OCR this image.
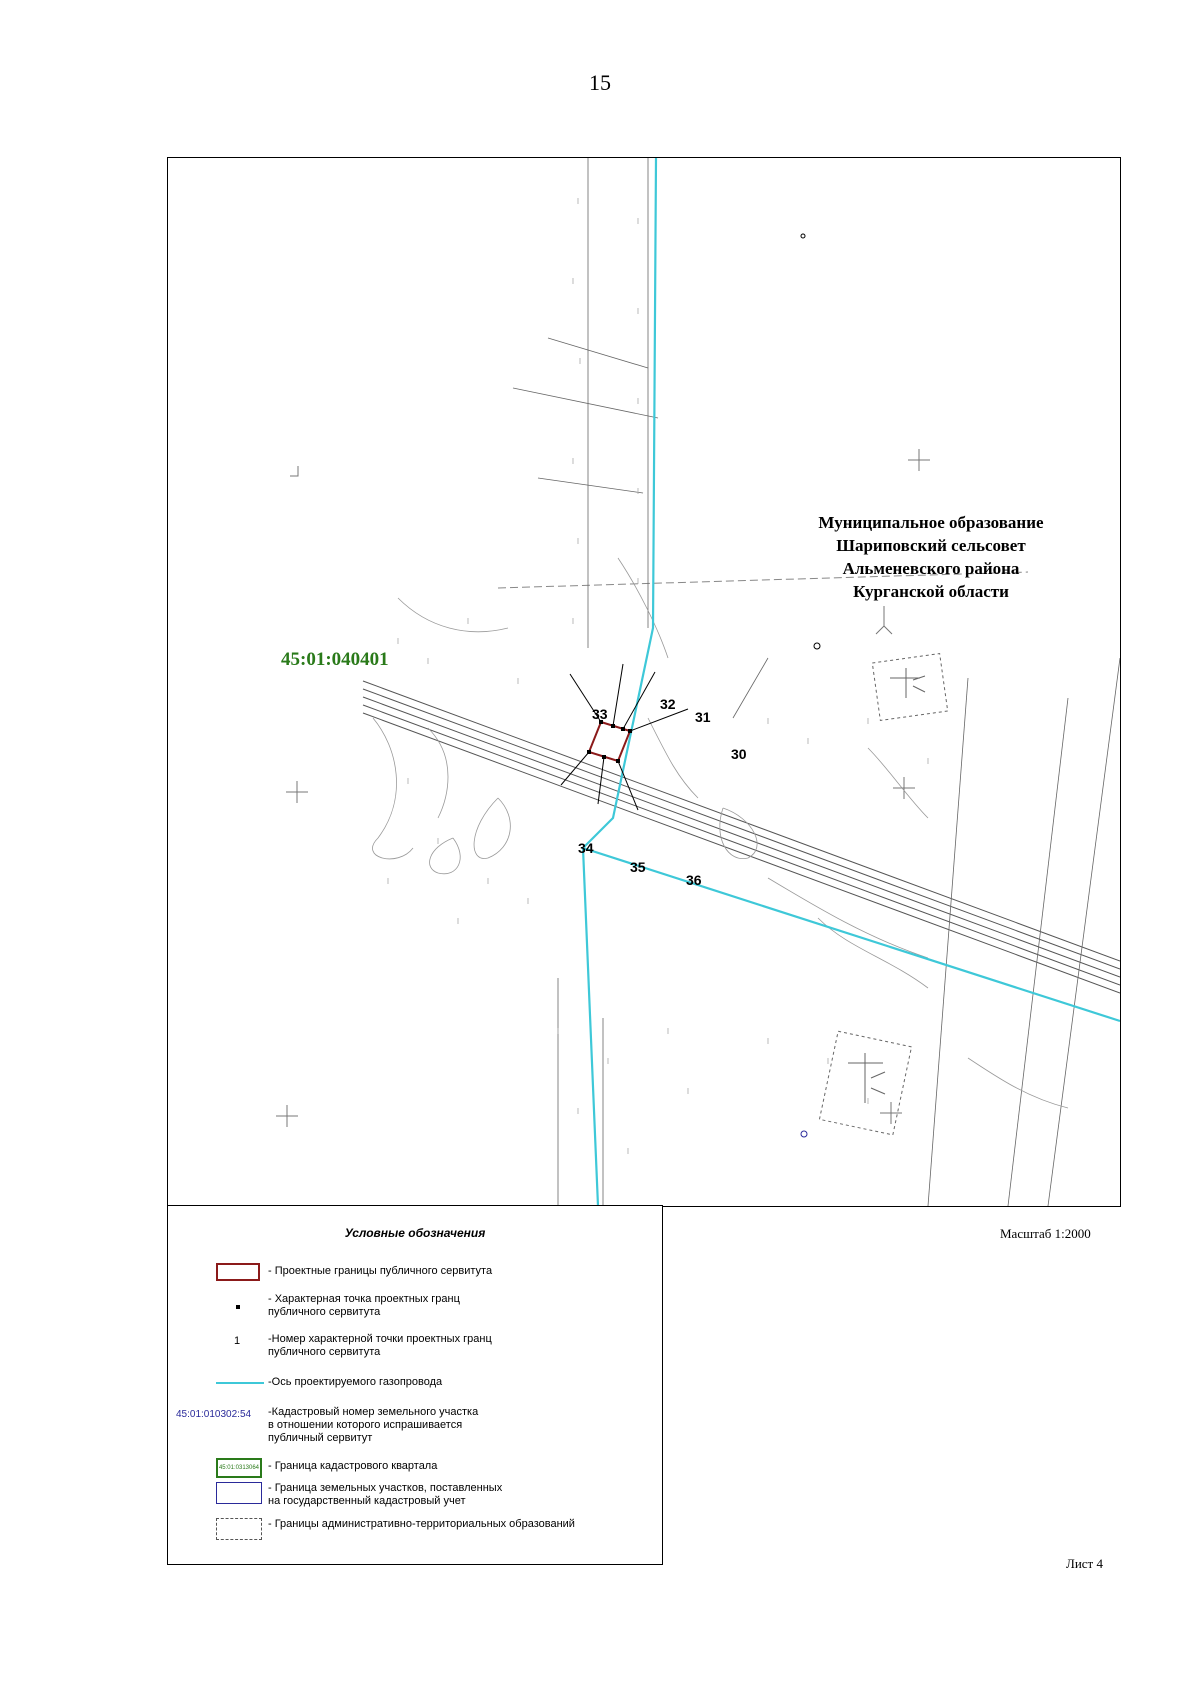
15
45:01:040401
Муниципальное образование
Шариповский сельсовет
Альменевского района
Курганской области
33
32
31
30
34
35
36
Условные обозначения
- Проектные границы публичного сервитута
- Характерная точка проектных гранц
публичного сервитута
1	-Номер характерной точки проектных гранц
публичного сервитута
-Ось проектируемого газопровода
45:01:010302:54 -Кадастровый номер земельного участка
в отношении которого испрашивается
публичный сервитут
45:01:0313064 - Граница кадастрового квартала
- Граница земельных участков, поставленных
на государственный кадастровый учет
- Границы административно-территориальных образований
Масштаб 1:2000
Лист 4
